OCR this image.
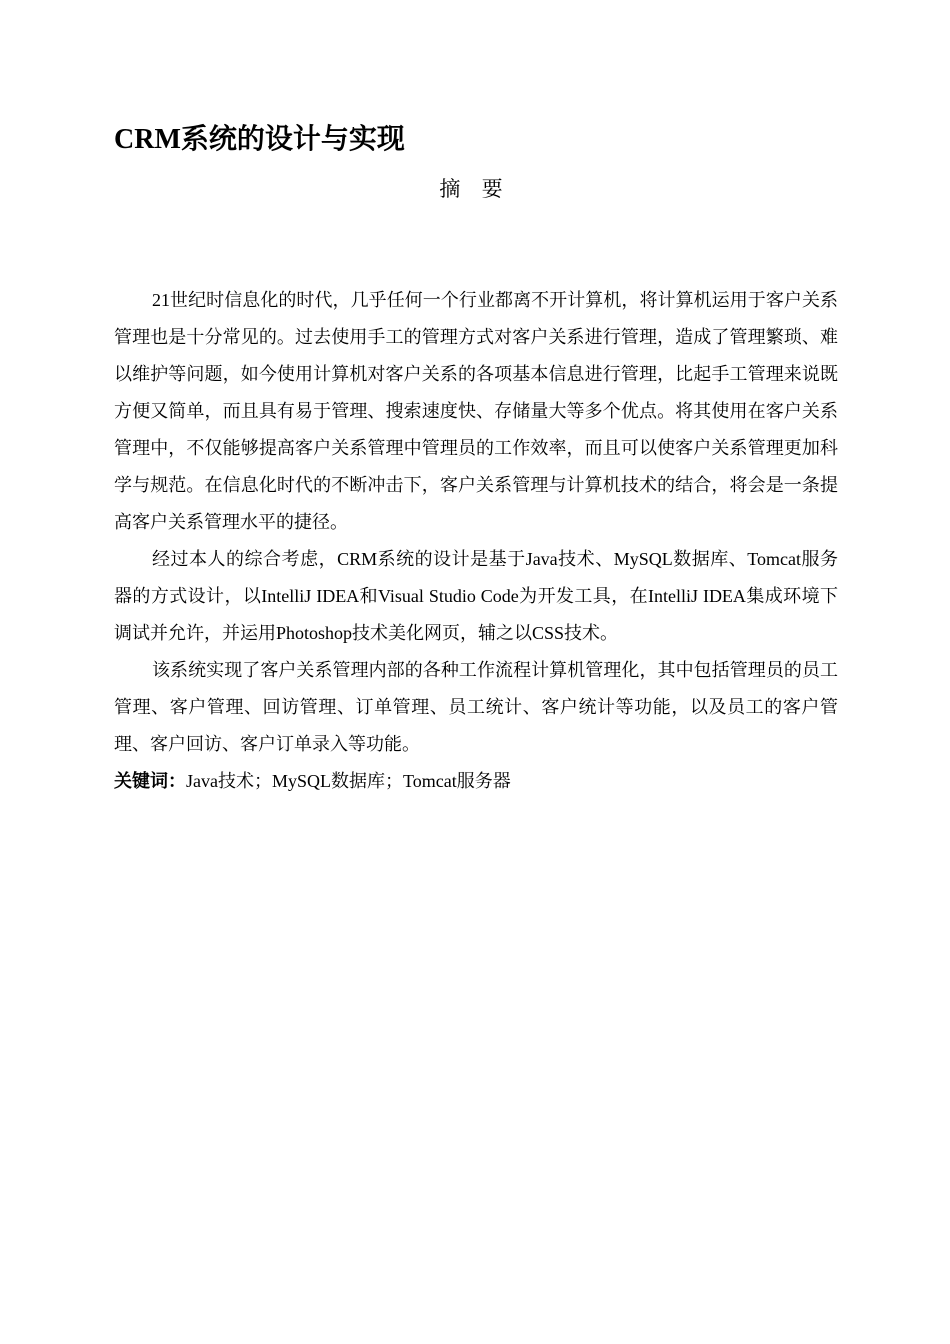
CRM系统的设计与实现
摘 要

21世纪时信息化的时代，几乎任何一个行业都离不开计算机，将计算机运用于客户关系管理也是十分常见的。过去使用手工的管理方式对客户关系进行管理，造成了管理繁琐、难以维护等问题，如今使用计算机对客户关系的各项基本信息进行管理，比起手工管理来说既方便又简单，而且具有易于管理、搜索速度快、存储量大等多个优点。将其使用在客户关系管理中，不仅能够提高客户关系管理中管理员的工作效率，而且可以使客户关系管理更加科学与规范。在信息化时代的不断冲击下，客户关系管理与计算机技术的结合，将会是一条提高客户关系管理水平的捷径。

经过本人的综合考虑，CRM系统的设计是基于Java技术、MySQL数据库、Tomcat服务器的方式设计，以IntelliJ IDEA和Visual Studio Code为开发工具，在IntelliJ IDEA集成环境下调试并允许，并运用Photoshop技术美化网页，辅之以CSS技术。

该系统实现了客户关系管理内部的各种工作流程计算机管理化，其中包括管理员的员工管理、客户管理、回访管理、订单管理、员工统计、客户统计等功能，以及员工的客户管理、客户回访、客户订单录入等功能。

关键词：Java技术；MySQL数据库；Tomcat服务器
